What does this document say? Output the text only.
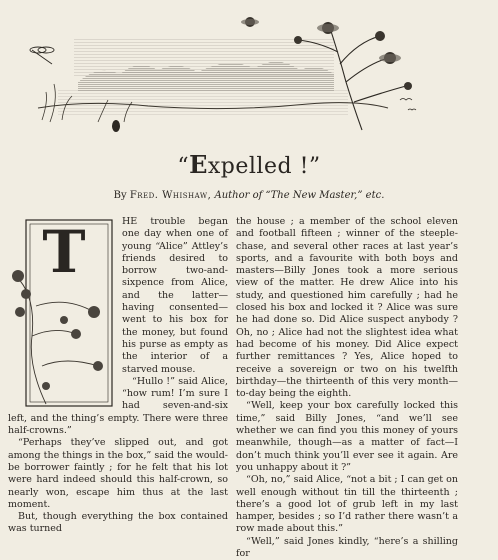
“Expelled !”
By Fred. Whishaw, Author of “The New Master,” etc.
T	HE trouble began one day when one of young “Alice” Attley’s friends desired to borrow two-and-sixpence from Alice, and the latter—having consented—went to his box for the money, but found his purse as empty as the interior of a starved mouse.

“Hullo !” said Alice, “how rum! I’m sure I had seven-and-six left, and the thing’s empty. There were three half-crowns.”

“Perhaps they’ve slipped out, and got among the things in the box,” said the would-be borrower faintly ; for he felt that his lot were hard indeed should this half-crown, so nearly won, escape him thus at the last moment.

But, though everything the box contained was turned

the house ; a member of the school eleven and football fifteen ; winner of the steeple-chase, and several other races at last year’s sports, and a favourite with both boys and masters—Billy Jones took a more serious view of the matter. He drew Alice into his study, and questioned him carefully ; had he closed his box and locked it ? Alice was sure he had done so. Did Alice suspect anybody ? Oh, no ; Alice had not the slightest idea what had become of his money. Did Alice expect further remittances ? Yes, Alice hoped to receive a sovereign or two on his twelfth birthday—the thirteenth of this very month—to-day being the eighth.

“Well, keep your box carefully locked this time,” said Billy Jones, “and we’ll see whether we can find you this money of yours meanwhile, though—as a matter of fact—I don’t much think you’ll ever see it again. Are you unhappy about it ?”

“Oh, no,” said Alice, “not a bit ; I can get on well enough without tin till the thirteenth ; there’s a good lot of grub left in my last hamper, besides ; so I’d rather there wasn’t a row made about this.”

“Well,” said Jones kindly, “here’s a shilling for
